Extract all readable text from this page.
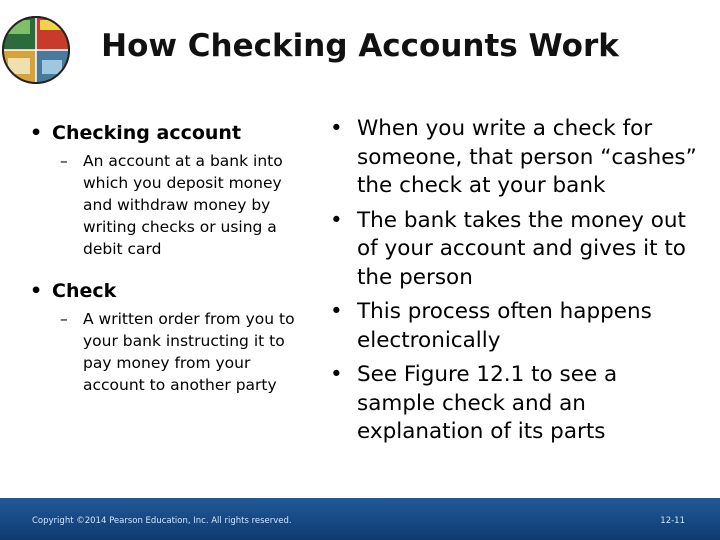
How Checking Accounts Work
• Checking account
– An account at a bank into which you deposit money and withdraw money by writing checks or using a debit card
• Check
– A written order from you to your bank instructing it to pay money from your account to another party
• When you write a check for someone, that person “cashes” the check at your bank
• The bank takes the money out of your account and gives it to the person
• This process often happens electronically
• See Figure 12.1 to see a sample check and an explanation of its parts
Copyright ©2014 Pearson Education, Inc. All rights reserved.	12-11
